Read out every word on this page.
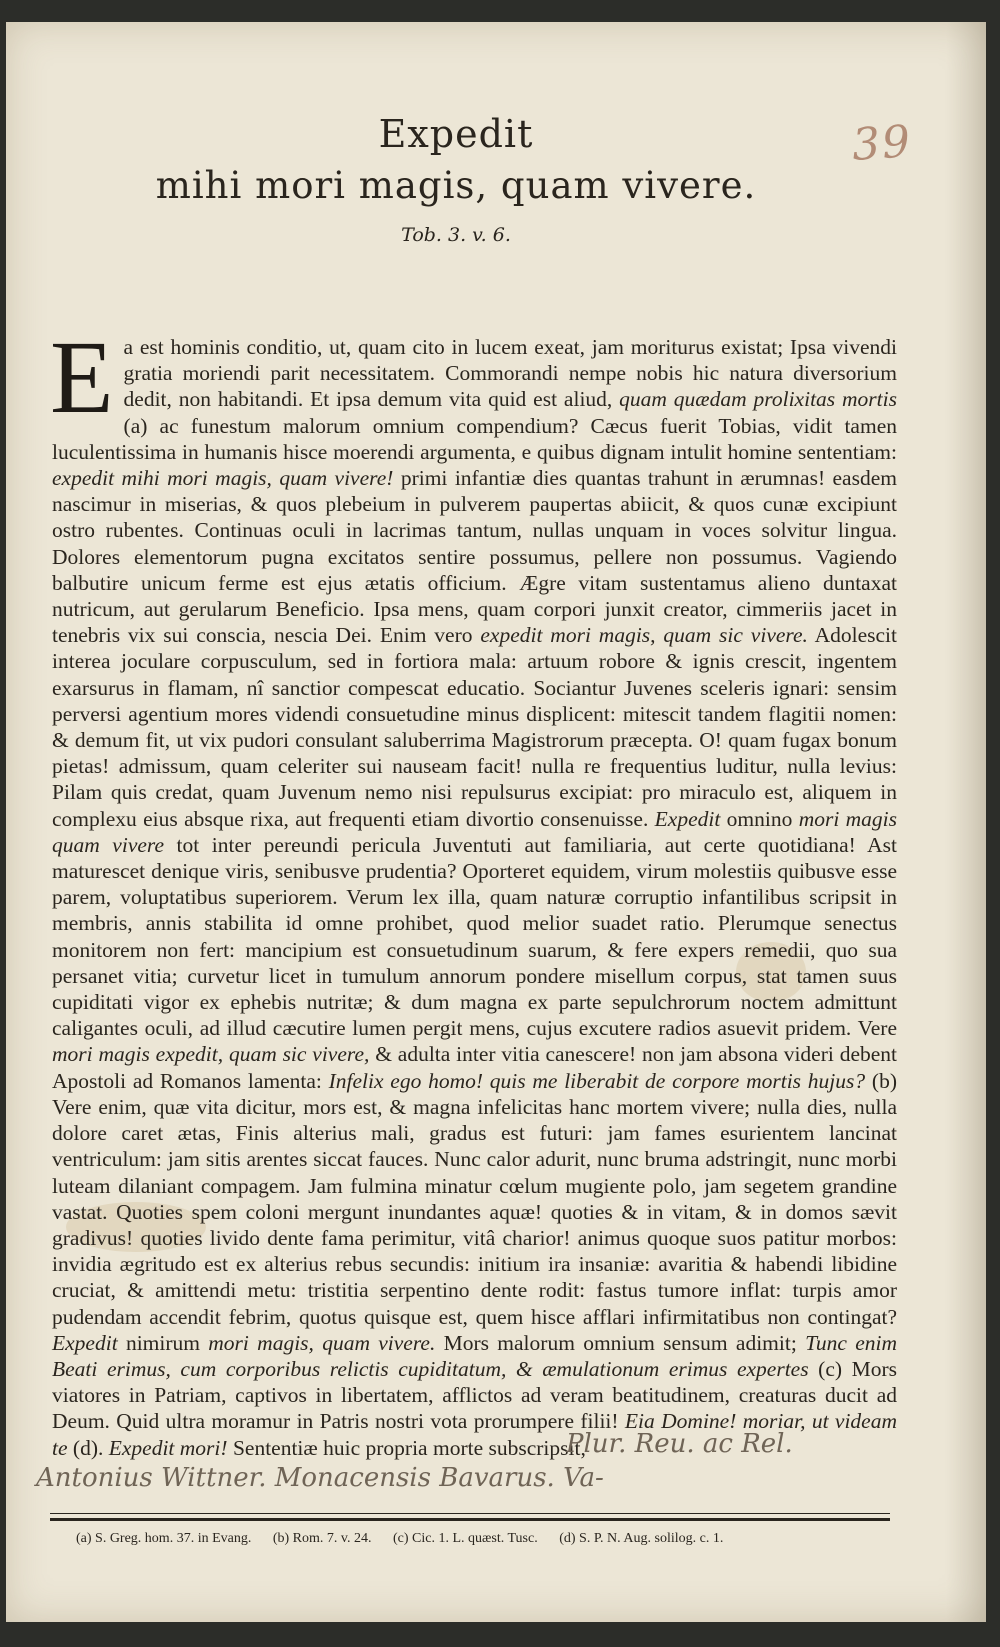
39
Expedit
mihi mori magis, quam vivere.
Tob. 3. v. 6.
Ea est hominis conditio, ut, quam cito in lucem exeat, jam moriturus existat; Ipsa vivendi gratia moriendi parit necessitatem. Commorandi nempe nobis hic natura diversorium dedit, non habitandi. Et ipsa demum vita quid est aliud, quam quædam prolixitas mortis (a) ac funestum malorum omnium compendium? Cæcus fuerit Tobias, vidit tamen luculentissima in humanis hisce moerendi argumenta, e quibus dignam intulit homine sententiam: expedit mihi mori magis, quam vivere! primi infantiæ dies quantas trahunt in ærumnas! easdem nascimur in miserias, & quos plebeium in pulverem paupertas abiicit, & quos cunæ excipiunt ostro rubentes. Continuas oculi in lacrimas tantum, nullas unquam in voces solvitur lingua. Dolores elementorum pugna excitatos sentire possumus, pellere non possumus. Vagiendo balbutire unicum ferme est ejus ætatis officium. Ægre vitam sustentamus alieno duntaxat nutricum, aut gerularum Beneficio. Ipsa mens, quam corpori junxit creator, cimmeriis jacet in tenebris vix sui conscia, nescia Dei. Enim vero expedit mori magis, quam sic vivere. Adolescit interea joculare corpusculum, sed in fortiora mala: artuum robore & ignis crescit, ingentem exarsurus in flamam, nî sanctior compescat educatio. Sociantur Juvenes sceleris ignari: sensim perversi agentium mores videndi consuetudine minus displicent: mitescit tandem flagitii nomen: & demum fit, ut vix pudori consulant saluberrima Magistrorum præcepta. O! quam fugax bonum pietas! admissum, quam celeriter sui nauseam facit! nulla re frequentius luditur, nulla levius: Pilam quis credat, quam Juvenum nemo nisi repulsurus excipiat: pro miraculo est, aliquem in complexu eius absque rixa, aut frequenti etiam divortio consenuisse. Expedit omnino mori magis quam vivere tot inter pereundi pericula Juventuti aut familiaria, aut certe quotidiana! Ast maturescet denique viris, senibusve prudentia? Oporteret equidem, virum molestiis quibusve esse parem, voluptatibus superiorem. Verum lex illa, quam naturæ corruptio infantilibus scripsit in membris, annis stabilita id omne prohibet, quod melior suadet ratio. Plerumque senectus monitorem non fert: mancipium est consuetudinum suarum, & fere expers remedii, quo sua persanet vitia; curvetur licet in tumulum annorum pondere misellum corpus, stat tamen suus cupiditati vigor ex ephebis nutritæ; & dum magna ex parte sepulchrorum noctem admittunt caligantes oculi, ad illud cæcutire lumen pergit mens, cujus excutere radios asuevit pridem. Vere mori magis expedit, quam sic vivere, & adulta inter vitia canescere! non jam absona videri debent Apostoli ad Romanos lamenta: Infelix ego homo! quis me liberabit de corpore mortis hujus? (b) Vere enim, quæ vita dicitur, mors est, & magna infelicitas hanc mortem vivere; nulla dies, nulla dolore caret ætas, Finis alterius mali, gradus est futuri: jam fames esurientem lancinat ventriculum: jam sitis arentes siccat fauces. Nunc calor adurit, nunc bruma adstringit, nunc morbi luteam dilaniant compagem. Jam fulmina minatur cœlum mugiente polo, jam segetem grandine vastat. Quoties spem coloni mergunt inundantes aquæ! quoties & in vitam, & in domos sævit gradivus! quoties livido dente fama perimitur, vitâ charior! animus quoque suos patitur morbos: invidia ægritudo est ex alterius rebus secundis: initium ira insaniæ: avaritia & habendi libidine cruciat, & amittendi metu: tristitia serpentino dente rodit: fastus tumore inflat: turpis amor pudendam accendit febrim, quotus quisque est, quem hisce afflari infirmitatibus non contingat? Expedit nimirum mori magis, quam vivere. Mors malorum omnium sensum adimit; Tunc enim Beati erimus, cum corporibus relictis cupiditatum, & æmulationum erimus expertes (c) Mors viatores in Patriam, captivos in libertatem, afflictos ad veram beatitudinem, creaturas ducit ad Deum. Quid ultra moramur in Patris nostri vota prorumpere filii! Eia Domine! moriar, ut videam te (d). Expedit mori! Sententiæ huic propria morte subscripsit,
Plur. Reu. ac Rel.
Antonius Wittner. Monacensis Bavarus. Va-
(a) S. Greg. hom. 37. in Evang. (b) Rom. 7. v. 24. (c) Cic. 1. L. quæst. Tusc. (d) S. P. N. Aug. solilog. c. 1.
